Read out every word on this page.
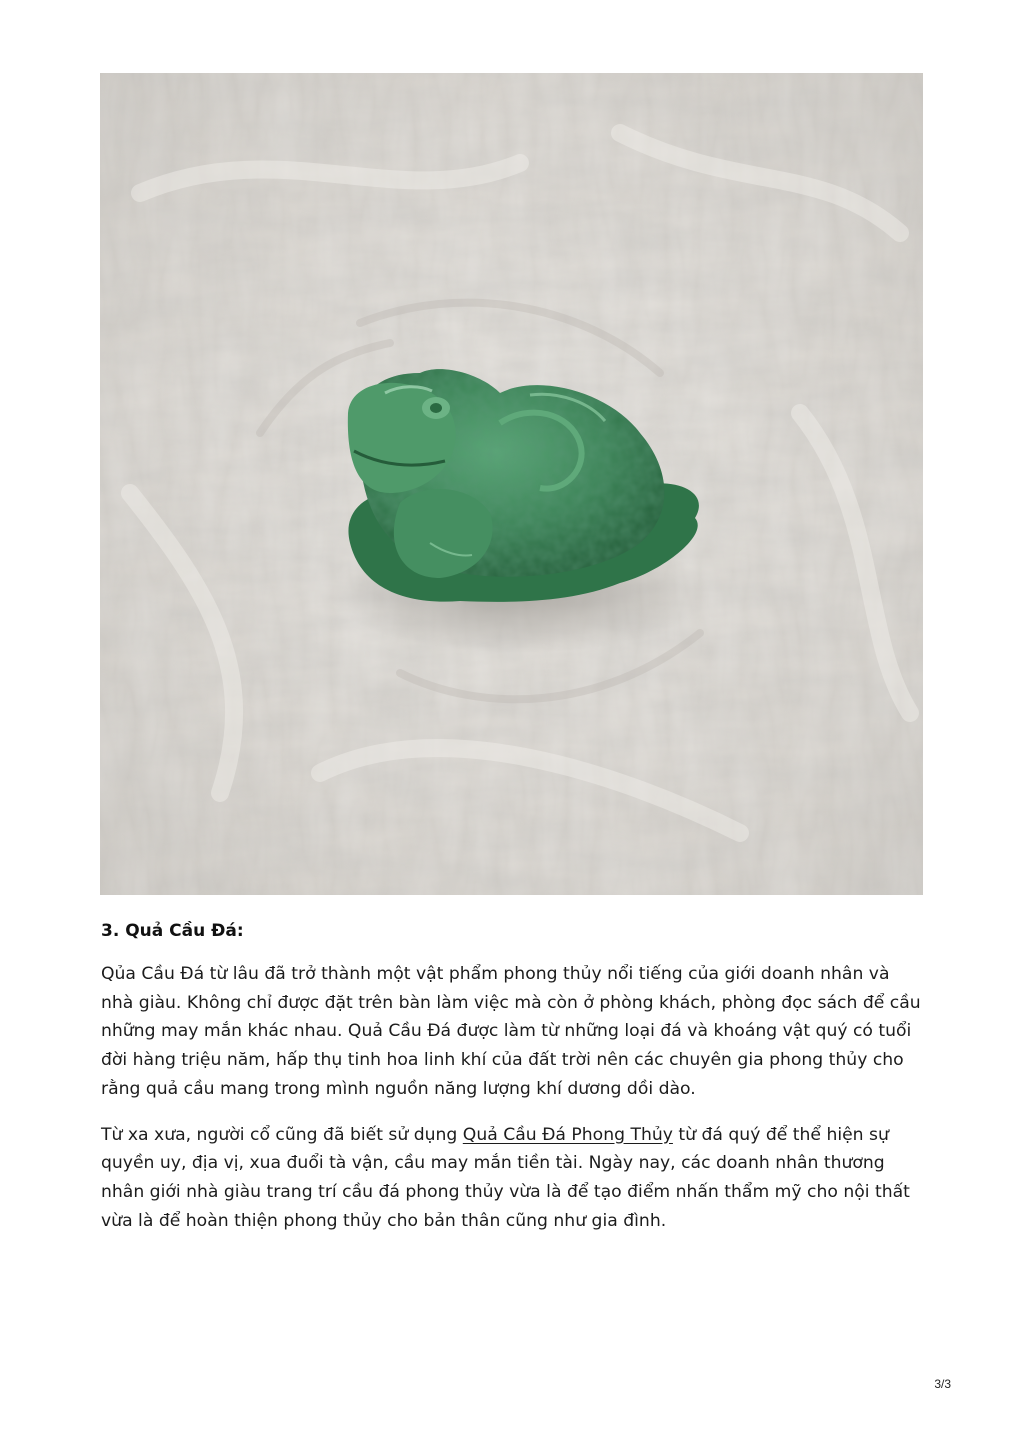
3. Quả Cầu Đá:

Qủa Cầu Đá từ lâu đã trở thành một vật phẩm phong thủy nổi tiếng của giới doanh nhân và nhà giàu. Không chỉ được đặt trên bàn làm việc mà còn ở phòng khách, phòng đọc sách để cầu những may mắn khác nhau. Quả Cầu Đá được làm từ những loại đá và khoáng vật quý có tuổi đời hàng triệu năm, hấp thụ tinh hoa linh khí của đất trời nên các chuyên gia phong thủy cho rằng quả cầu mang trong mình nguồn năng lượng khí dương dồi dào.

Từ xa xưa, người cổ cũng đã biết sử dụng Quả Cầu Đá Phong Thủy từ đá quý để thể hiện sự quyền uy, địa vị, xua đuổi tà vận, cầu may mắn tiền tài. Ngày nay, các doanh nhân thương nhân giới nhà giàu trang trí cầu đá phong thủy vừa là để tạo điểm nhấn thẩm mỹ cho nội thất vừa là để hoàn thiện phong thủy cho bản thân cũng như gia đình.

3/3
